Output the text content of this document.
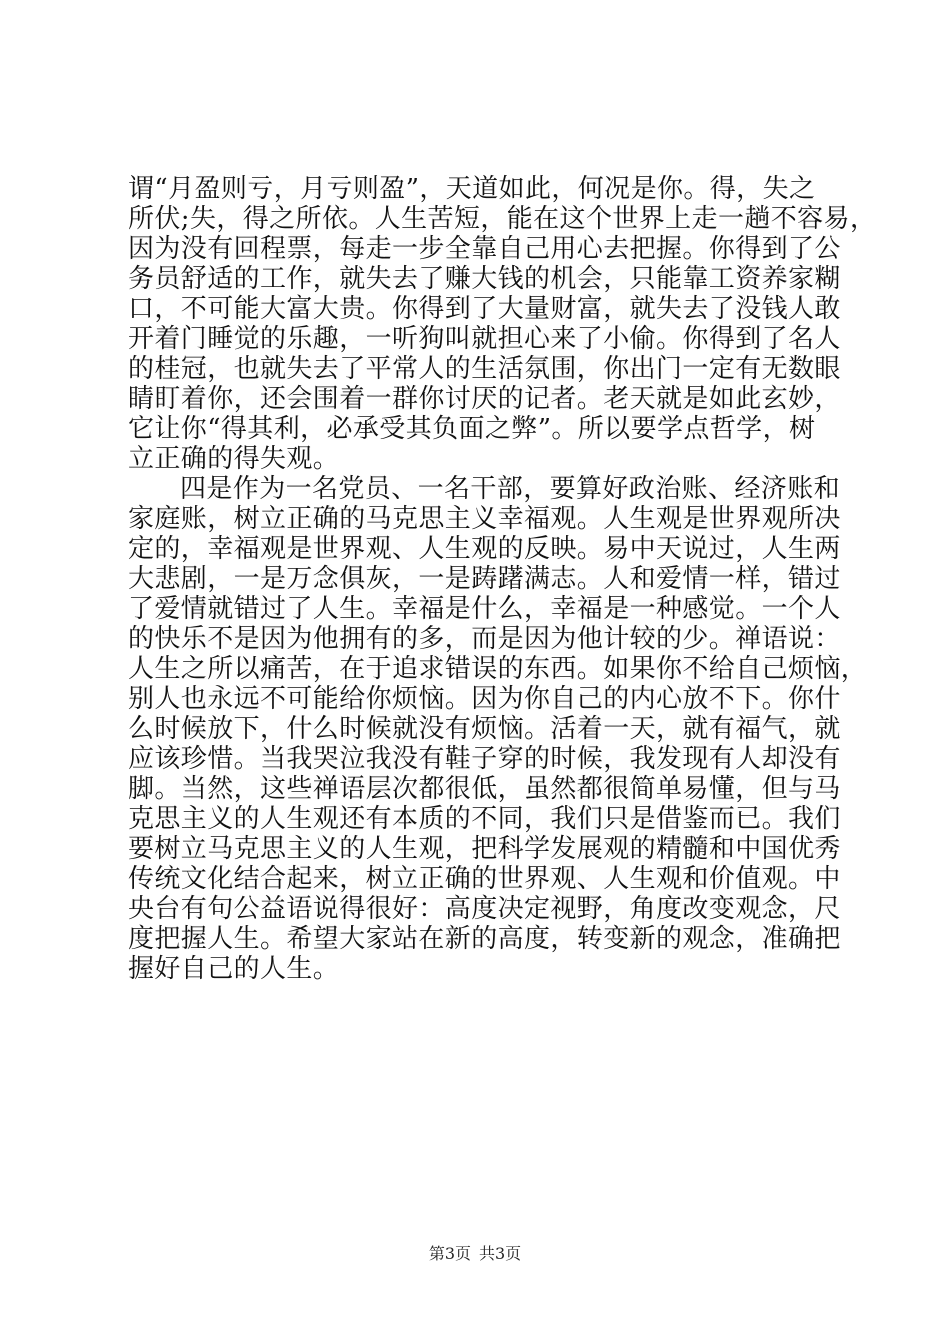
谓“月盈则亏，月亏则盈”，天道如此，何况是你。得，失之
所伏;失，得之所依。人生苦短，能在这个世界上走一趟不容易，
因为没有回程票，每走一步全靠自己用心去把握。你得到了公
务员舒适的工作，就失去了赚大钱的机会，只能靠工资养家糊
口，不可能大富大贵。你得到了大量财富，就失去了没钱人敢
开着门睡觉的乐趣，一听狗叫就担心来了小偷。你得到了名人
的桂冠，也就失去了平常人的生活氛围，你出门一定有无数眼
睛盯着你，还会围着一群你讨厌的记者。老天就是如此玄妙，
它让你“得其利，必承受其负面之弊”。所以要学点哲学，树
立正确的得失观。
四是作为一名党员、一名干部，要算好政治账、经济账和
家庭账，树立正确的马克思主义幸福观。人生观是世界观所决
定的，幸福观是世界观、人生观的反映。易中天说过，人生两
大悲剧，一是万念俱灰，一是踌躇满志。人和爱情一样，错过
了爱情就错过了人生。幸福是什么，幸福是一种感觉。一个人
的快乐不是因为他拥有的多，而是因为他计较的少。禅语说：
人生之所以痛苦，在于追求错误的东西。如果你不给自己烦恼，
别人也永远不可能给你烦恼。因为你自己的内心放不下。你什
么时候放下，什么时候就没有烦恼。活着一天，就有福气，就
应该珍惜。当我哭泣我没有鞋子穿的时候，我发现有人却没有
脚。当然，这些禅语层次都很低，虽然都很简单易懂，但与马
克思主义的人生观还有本质的不同，我们只是借鉴而已。我们
要树立马克思主义的人生观，把科学发展观的精髓和中国优秀
传统文化结合起来，树立正确的世界观、人生观和价值观。中
央台有句公益语说得很好：高度决定视野，角度改变观念，尺
度把握人生。希望大家站在新的高度，转变新的观念，准确把
握好自己的人生。
第3页 共3页
